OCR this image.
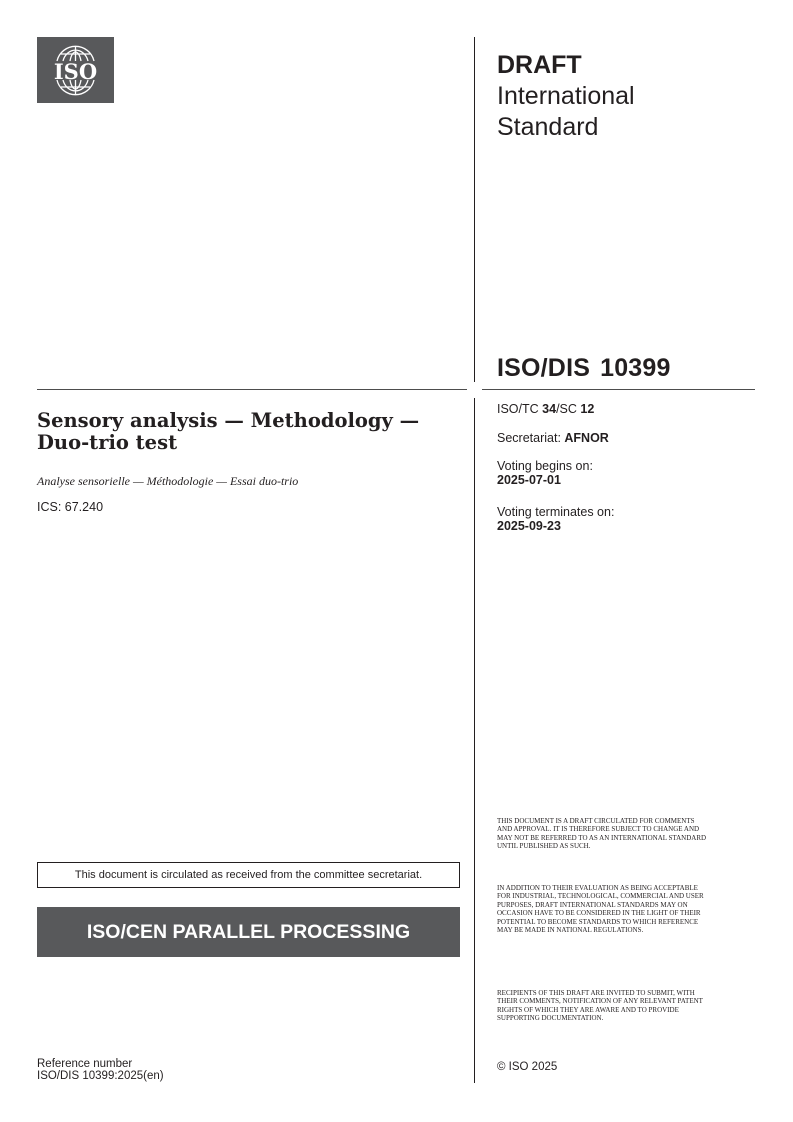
ISO	DRAFT
International
Standard
ISO/DIS 10399
Sensory analysis — Methodology — Duo-trio test
Analyse sensorielle — Méthodologie — Essai duo-trio
ICS: 67.240
ISO/TC 34/SC 12
Secretariat: AFNOR
Voting begins on:
2025-07-01
Voting terminates on:
2025-09-23
This document is circulated as received from the committee secretariat.
ISO/CEN PARALLEL PROCESSING
THIS DOCUMENT IS A DRAFT CIRCULATED FOR COMMENTS AND APPROVAL. IT IS THEREFORE SUBJECT TO CHANGE AND MAY NOT BE REFERRED TO AS AN INTERNATIONAL STANDARD UNTIL PUBLISHED AS SUCH.
IN ADDITION TO THEIR EVALUATION AS BEING ACCEPTABLE FOR INDUSTRIAL, TECHNOLOGICAL, COMMERCIAL AND USER PURPOSES, DRAFT INTERNATIONAL STANDARDS MAY ON OCCASION HAVE TO BE CONSIDERED IN THE LIGHT OF THEIR POTENTIAL TO BECOME STANDARDS TO WHICH REFERENCE MAY BE MADE IN NATIONAL REGULATIONS.
RECIPIENTS OF THIS DRAFT ARE INVITED TO SUBMIT, WITH THEIR COMMENTS, NOTIFICATION OF ANY RELEVANT PATENT RIGHTS OF WHICH THEY ARE AWARE AND TO PROVIDE SUPPORTING DOCUMENTATION.
Reference number
ISO/DIS 10399:2025(en)
© ISO 2025
